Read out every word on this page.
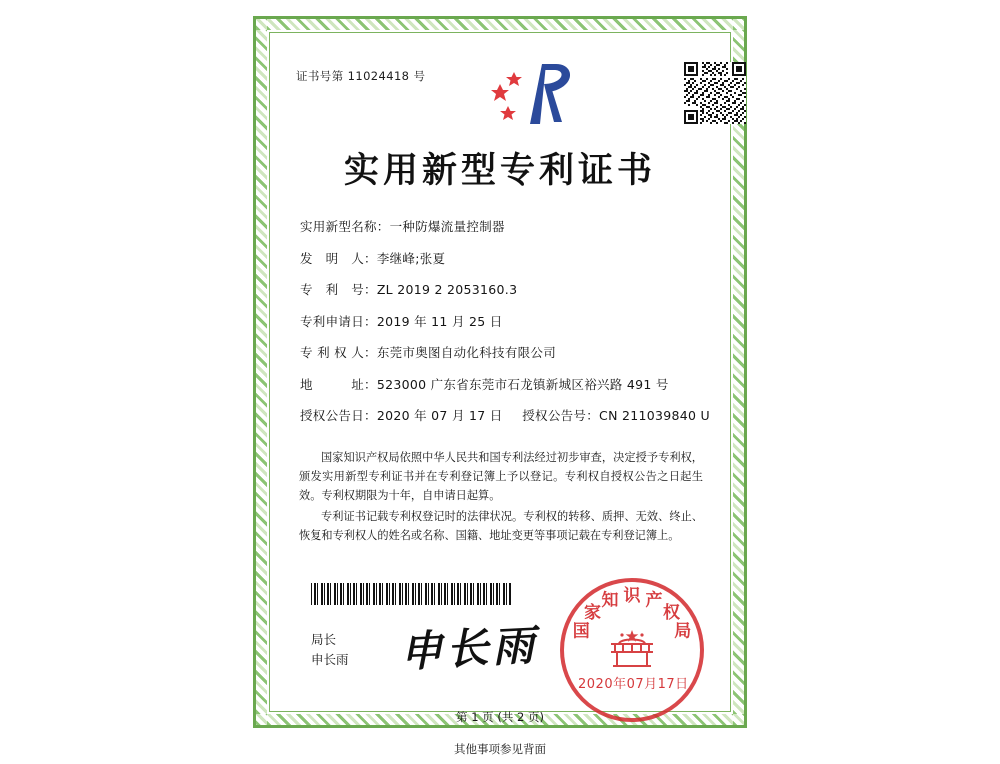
证书号第 11024418 号
实用新型专利证书
实用新型名称： 一种防爆流量控制器
发　明　人： 李继峰;张夏
专　利　号： ZL 2019 2 2053160.3
专利申请日： 2019 年 11 月 25 日
专 利 权 人： 东莞市奥图自动化科技有限公司
地　　　址： 523000 广东省东莞市石龙镇新城区裕兴路 491 号
授权公告日： 2020 年 07 月 17 日 授权公告号： CN 211039840 U

国家知识产权局依照中华人民共和国专利法经过初步审查，决定授予专利权，颁发实用新型专利证书并在专利登记簿上予以登记。专利权自授权公告之日起生效。专利权期限为十年，自申请日起算。

专利证书记载专利权登记时的法律状况。专利权的转移、质押、无效、终止、恢复和专利权人的姓名或名称、国籍、地址变更等事项记载在专利登记簿上。

局长
申长雨 申长雨 国
家
知 识 产
权
局
2020年07月17日
第 1 页 (共 2 页)
其他事项参见背面
